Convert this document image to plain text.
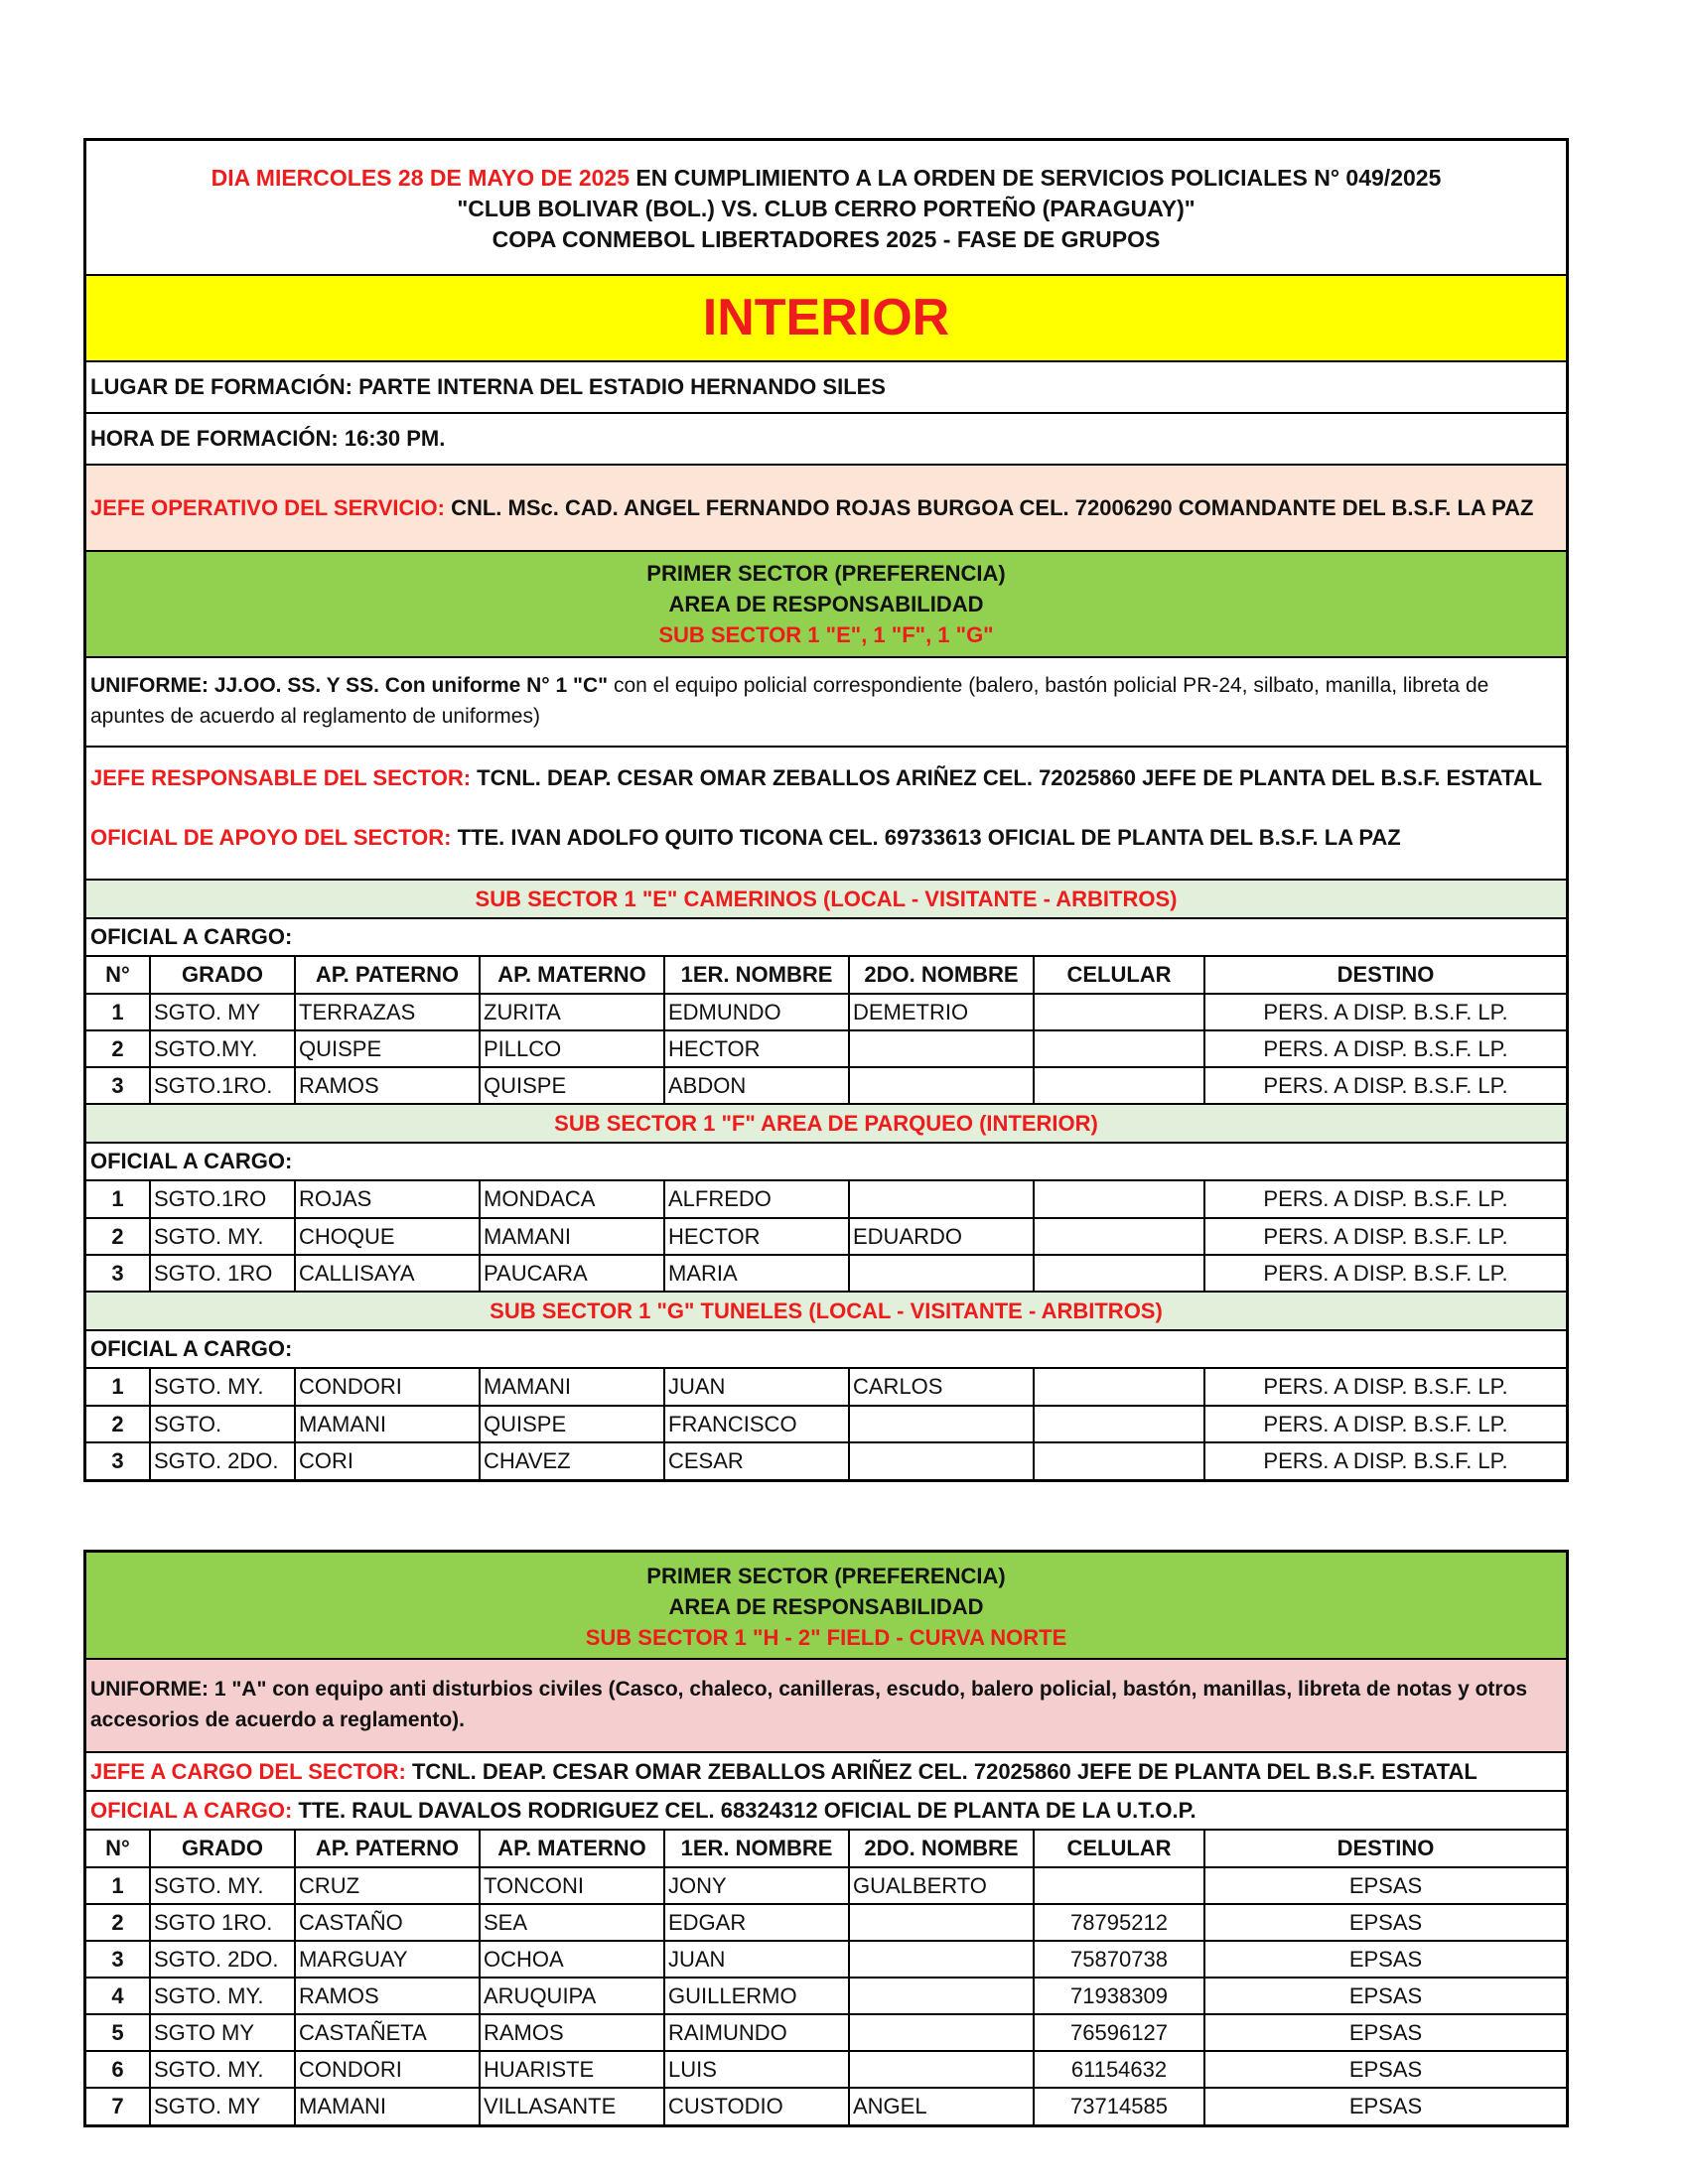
DIA MIERCOLES 28 DE MAYO DE 2025 EN CUMPLIMIENTO A LA ORDEN DE SERVICIOS POLICIALES N° 049/2025
"CLUB BOLIVAR (BOL.) VS. CLUB CERRO PORTEÑO (PARAGUAY)"
COPA CONMEBOL LIBERTADORES 2025 - FASE DE GRUPOS
INTERIOR
LUGAR DE FORMACIÓN: PARTE INTERNA DEL ESTADIO HERNANDO SILES
HORA DE FORMACIÓN: 16:30 PM.
JEFE OPERATIVO DEL SERVICIO: CNL. MSc. CAD. ANGEL FERNANDO ROJAS BURGOA CEL. 72006290 COMANDANTE DEL B.S.F. LA PAZ
PRIMER SECTOR (PREFERENCIA)
AREA DE RESPONSABILIDAD
SUB SECTOR 1 "E", 1 "F", 1 "G"
UNIFORME: JJ.OO. SS. Y SS. Con uniforme N° 1 "C" con el equipo policial correspondiente (balero, bastón policial PR-24, silbato, manilla, libreta de apuntes de acuerdo al reglamento de uniformes)
JEFE RESPONSABLE DEL SECTOR: TCNL. DEAP. CESAR OMAR ZEBALLOS ARIÑEZ CEL. 72025860 JEFE DE PLANTA DEL B.S.F. ESTATAL
OFICIAL DE APOYO DEL SECTOR: TTE. IVAN ADOLFO QUITO TICONA CEL. 69733613 OFICIAL DE PLANTA DEL B.S.F. LA PAZ
SUB SECTOR 1 "E" CAMERINOS (LOCAL - VISITANTE - ARBITROS)
OFICIAL A CARGO:
N°	GRADO	AP. PATERNO	AP. MATERNO	1ER. NOMBRE	2DO. NOMBRE	CELULAR	DESTINO
1	SGTO. MY	TERRAZAS	ZURITA	EDMUNDO	DEMETRIO		PERS. A DISP. B.S.F. LP.
2	SGTO.MY.	QUISPE	PILLCO	HECTOR			PERS. A DISP. B.S.F. LP.
3	SGTO.1RO.	RAMOS	QUISPE	ABDON			PERS. A DISP. B.S.F. LP.
SUB SECTOR 1 "F" AREA DE PARQUEO (INTERIOR)
OFICIAL A CARGO:
1	SGTO.1RO	ROJAS	MONDACA	ALFREDO			PERS. A DISP. B.S.F. LP.
2	SGTO. MY.	CHOQUE	MAMANI	HECTOR	EDUARDO		PERS. A DISP. B.S.F. LP.
3	SGTO. 1RO	CALLISAYA	PAUCARA	MARIA			PERS. A DISP. B.S.F. LP.
SUB SECTOR 1 "G" TUNELES (LOCAL - VISITANTE - ARBITROS)
OFICIAL A CARGO:
1	SGTO. MY.	CONDORI	MAMANI	JUAN	CARLOS		PERS. A DISP. B.S.F. LP.
2	SGTO.	MAMANI	QUISPE	FRANCISCO			PERS. A DISP. B.S.F. LP.
3	SGTO. 2DO.	CORI	CHAVEZ	CESAR			PERS. A DISP. B.S.F. LP.
PRIMER SECTOR (PREFERENCIA)
AREA DE RESPONSABILIDAD
SUB SECTOR 1 "H - 2" FIELD - CURVA NORTE
UNIFORME: 1 "A" con equipo anti disturbios civiles (Casco, chaleco, canilleras, escudo, balero policial, bastón, manillas, libreta de notas y otros accesorios de acuerdo a reglamento).
JEFE A CARGO DEL SECTOR: TCNL. DEAP. CESAR OMAR ZEBALLOS ARIÑEZ CEL. 72025860 JEFE DE PLANTA DEL B.S.F. ESTATAL
OFICIAL A CARGO: TTE. RAUL DAVALOS RODRIGUEZ CEL. 68324312 OFICIAL DE PLANTA DE LA U.T.O.P.
N°	GRADO	AP. PATERNO	AP. MATERNO	1ER. NOMBRE	2DO. NOMBRE	CELULAR	DESTINO
1	SGTO. MY.	CRUZ	TONCONI	JONY	GUALBERTO		EPSAS
2	SGTO 1RO.	CASTAÑO	SEA	EDGAR		78795212	EPSAS
3	SGTO. 2DO.	MARGUAY	OCHOA	JUAN		75870738	EPSAS
4	SGTO. MY.	RAMOS	ARUQUIPA	GUILLERMO		71938309	EPSAS
5	SGTO MY	CASTAÑETA	RAMOS	RAIMUNDO		76596127	EPSAS
6	SGTO. MY.	CONDORI	HUARISTE	LUIS		61154632	EPSAS
7	SGTO. MY	MAMANI	VILLASANTE	CUSTODIO	ANGEL	73714585	EPSAS
